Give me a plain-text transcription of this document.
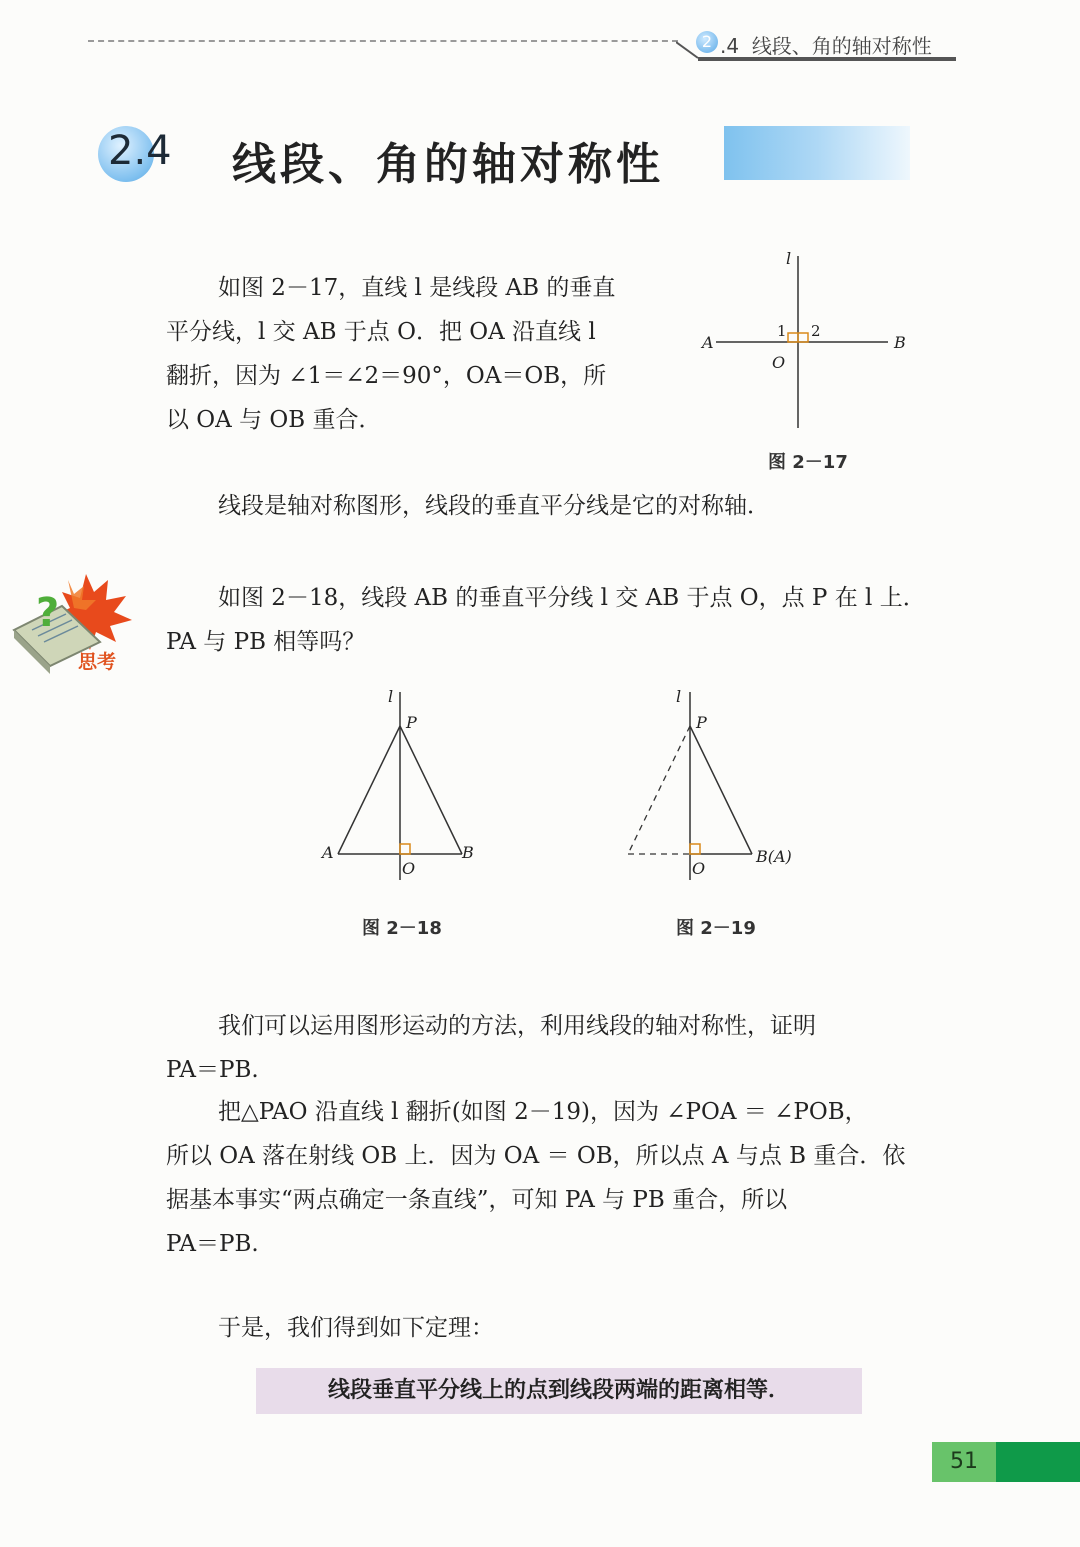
2 .4 线段、角的轴对称性
2.4 线段、角的轴对称性

如图 2－17，直线 l 是线段 AB 的垂直

平分线，l 交 AB 于点 O．把 OA 沿直线 l

翻折，因为 ∠1＝∠2＝90°，OA＝OB，所

以 OA 与 OB 重合．

l
A	B
O
1 2
图 2－17
线段是轴对称图形，线段的垂直平分线是它的对称轴．
?
思考

如图 2－18，线段 AB 的垂直平分线 l 交 AB 于点 O，点 P 在 l 上．

PA 与 PB 相等吗？

l
P
A	B
O
图 2－18
l
P
B(A)
O
图 2－19

我们可以运用图形运动的方法，利用线段的轴对称性，证明

PA＝PB.

把△PAO 沿直线 l 翻折(如图 2－19)，因为 ∠POA ＝ ∠POB，

所以 OA 落在射线 OB 上．因为 OA ＝ OB，所以点 A 与点 B 重合．依

据基本事实“两点确定一条直线”，可知 PA 与 PB 重合，所以

PA＝PB.

于是，我们得到如下定理：
线段垂直平分线上的点到线段两端的距离相等．
51
